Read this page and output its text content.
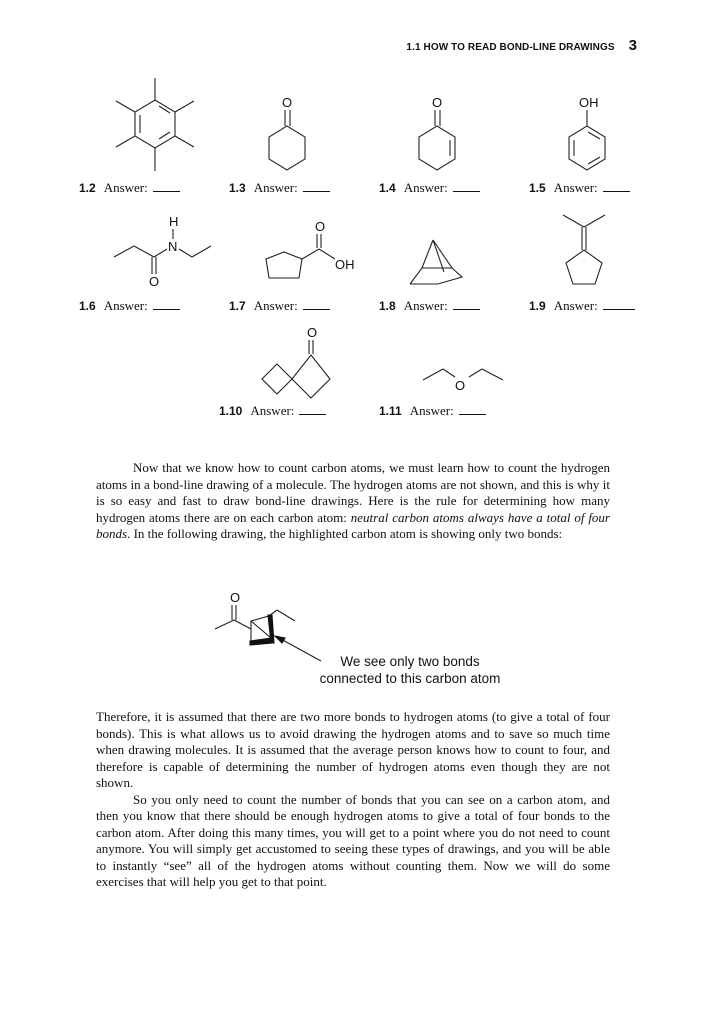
1.1 HOW TO READ BOND-LINE DRAWINGS 3
O	O	OH
H
N
O
O
OH
O
O
1.2 Answer:	1.3 Answer:	1.4 Answer:	1.5 Answer:
1.6 Answer:	1.7 Answer:	1.8 Answer:	1.9 Answer:
1.10 Answer:	1.11 Answer:

Now that we know how to count carbon atoms, we must learn how to count the hydrogen atoms in a bond-line drawing of a molecule. The hydrogen atoms are not shown, and this is why it is so easy and fast to draw bond-line drawings. Here is the rule for determining how many hydrogen atoms there are on each carbon atom: neutral carbon atoms always have a total of four bonds. In the following drawing, the highlighted carbon atom is showing only two bonds:

O
We see only two bonds
connected to this carbon atom

Therefore, it is assumed that there are two more bonds to hydrogen atoms (to give a total of four bonds). This is what allows us to avoid drawing the hydrogen atoms and to save so much time when drawing molecules. It is assumed that the average person knows how to count to four, and therefore is capable of determining the number of hydrogen atoms even though they are not shown.

So you only need to count the number of bonds that you can see on a carbon atom, and then you know that there should be enough hydrogen atoms to give a total of four bonds to the carbon atom. After doing this many times, you will get to a point where you do not need to count anymore. You will simply get accustomed to seeing these types of drawings, and you will be able to instantly “see” all of the hydrogen atoms without counting them. Now we will do some exercises that will help you get to that point.
